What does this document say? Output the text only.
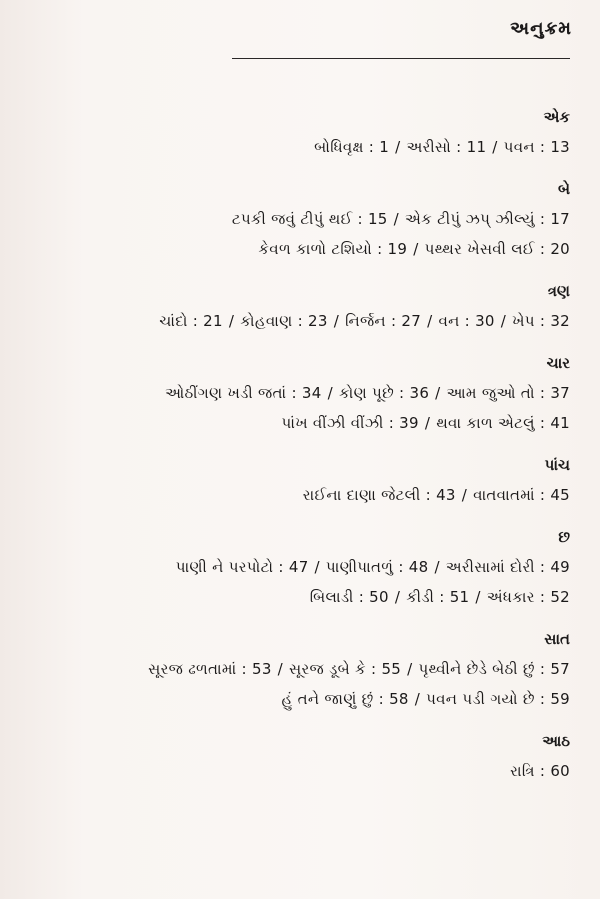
અનુક્રમ
એક
બોધિવૃક્ષ : 1 / અરીસો : 11 / પવન : 13
બે
ટપકી જવું ટીપું થઈ : 15 / એક ટીપું ઝપ્ ઝીલ્યું : 17
કેવળ કાળો ટશિયો : 19 / પથ્થર ખેસવી લઈ : 20
ત્રણ
ચાંદો : 21 / કોહવાણ : 23 / નિર્જન : 27 / વન : 30 / ખેપ : 32
ચાર
ઓઠીંગણ ખડી જતાં : 34 / કોણ પૂછે : 36 / આમ જુઓ તો : 37
પાંખ વીંઝી વીંઝી : 39 / થવા કાળ એટલું : 41
પાંચ
રાઈના દાણા જેટલી : 43 / વાતવાતમાં : 45
છ
પાણી ને પરપોટો : 47 / પાણીપાતળું : 48 / અરીસામાં દોરી : 49
બિલાડી : 50 / કીડી : 51 / અંધકાર : 52
સાત
સૂરજ ઢળતામાં : 53 / સૂરજ ડૂબે કે : 55 / પૃથ્વીને છેડે બેઠી છું : 57
હું તને જાણું છું : 58 / પવન પડી ગયો છે : 59
આઠ
રાત્રિ : 60
